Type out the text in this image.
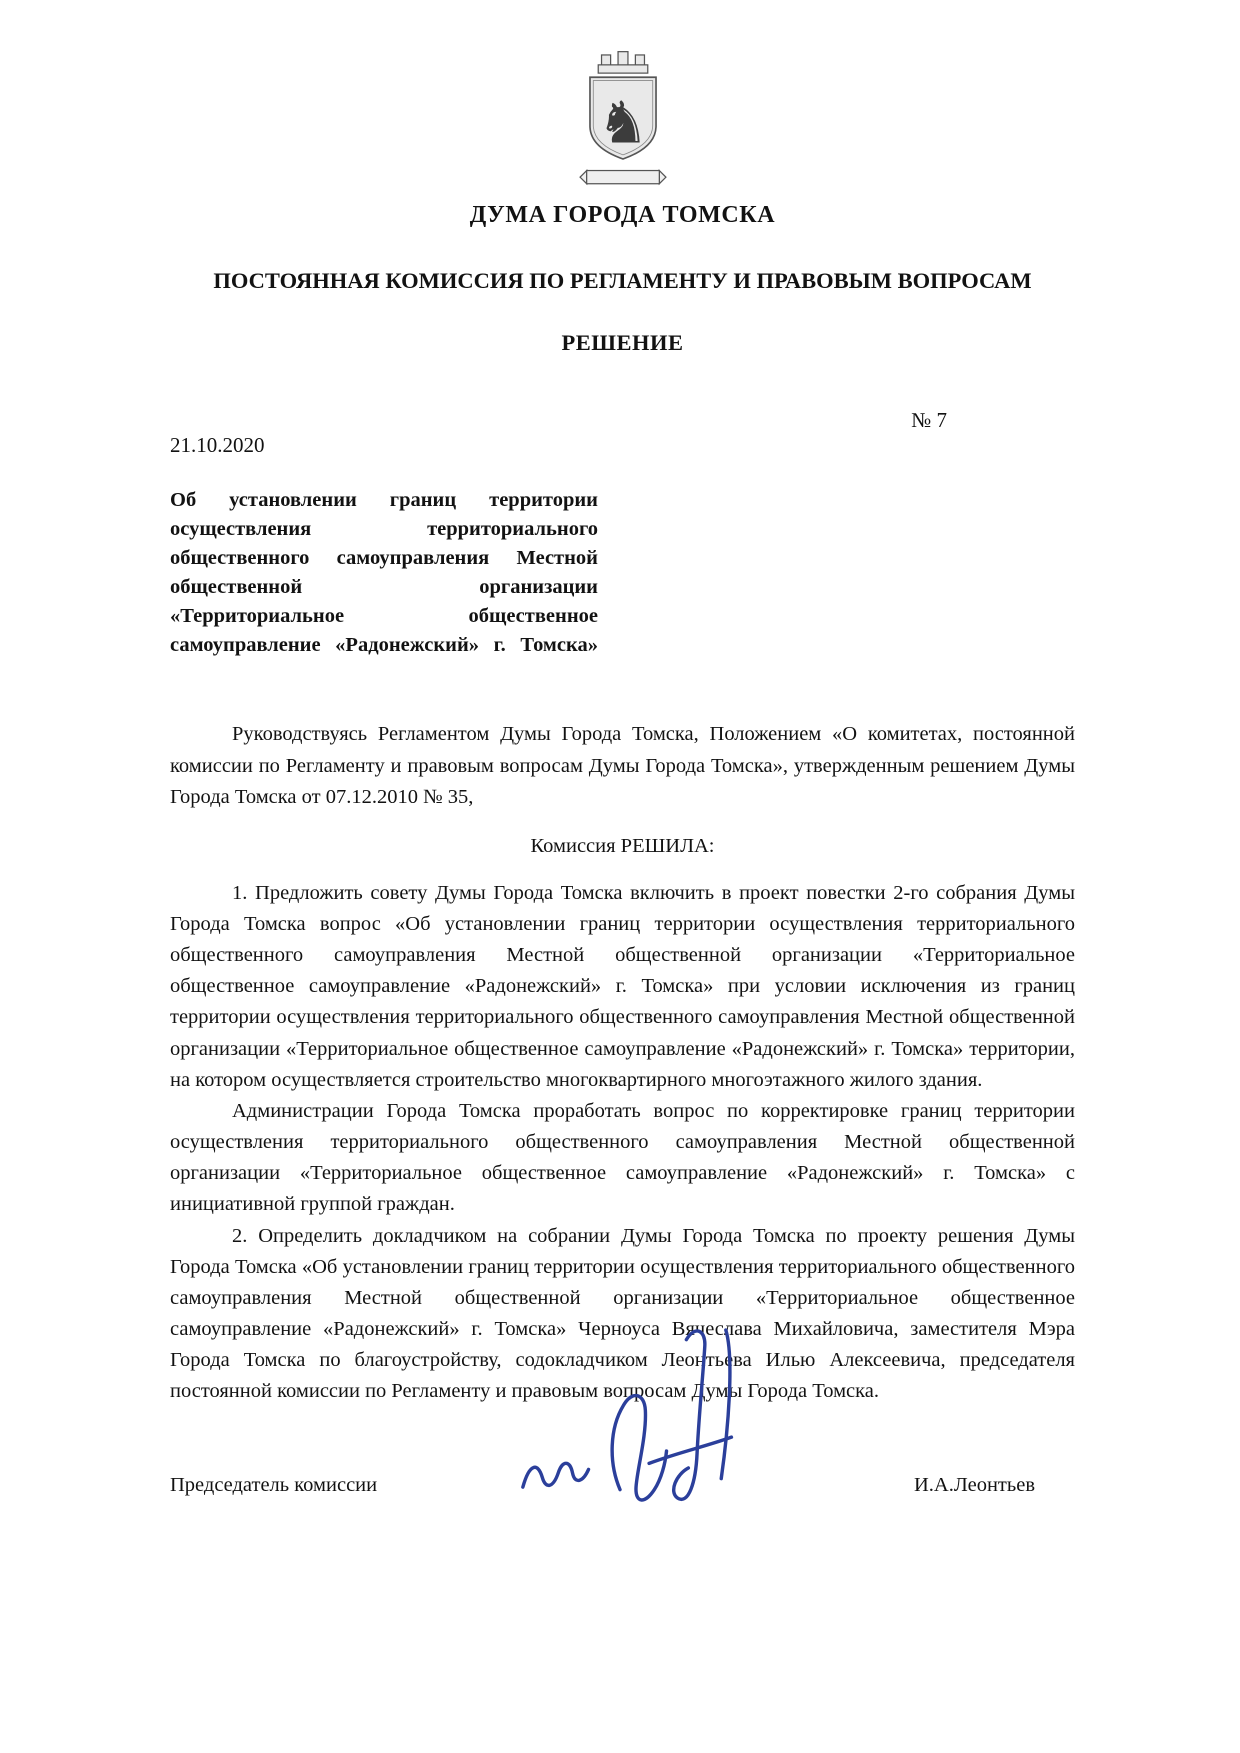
♞
ДУМА ГОРОДА ТОМСКА
ПОСТОЯННАЯ КОМИССИЯ ПО РЕГЛАМЕНТУ И ПРАВОВЫМ ВОПРОСАМ
РЕШЕНИЕ
№ 7
21.10.2020
Об установлении границ территории осуществления территориального общественного самоуправления Местной общественной организации «Территориальное общественное самоуправление «Радонежский» г. Томска»

Руководствуясь Регламентом Думы Города Томска, Положением «О комитетах, постоянной комиссии по Регламенту и правовым вопросам Думы Города Томска», утвержденным решением Думы Города Томска от 07.12.2010 № 35,

Комиссия РЕШИЛА:

1. Предложить совету Думы Города Томска включить в проект повестки 2-го собрания Думы Города Томска вопрос «Об установлении границ территории осуществления территориального общественного самоуправления Местной общественной организации «Территориальное общественное самоуправление «Радонежский» г. Томска» при условии исключения из границ территории осуществления территориального общественного самоуправления Местной общественной организации «Территориальное общественное самоуправление «Радонежский» г. Томска» территории, на котором осуществляется строительство многоквартирного многоэтажного жилого здания.

Администрации Города Томска проработать вопрос по корректировке границ территории осуществления территориального общественного самоуправления Местной общественной организации «Территориальное общественное самоуправление «Радонежский» г. Томска» с инициативной группой граждан.

2. Определить докладчиком на собрании Думы Города Томска по проекту решения Думы Города Томска «Об установлении границ территории осуществления территориального общественного самоуправления Местной общественной организации «Территориальное общественное самоуправление «Радонежский» г. Томска» Черноуса Вячеслава Михайловича, заместителя Мэра Города Томска по благоустройству, содокладчиком Леонтьева Илью Алексеевича, председателя постоянной комиссии по Регламенту и правовым вопросам Думы Города Томска.

Председатель комиссии	И.А.Леонтьев
